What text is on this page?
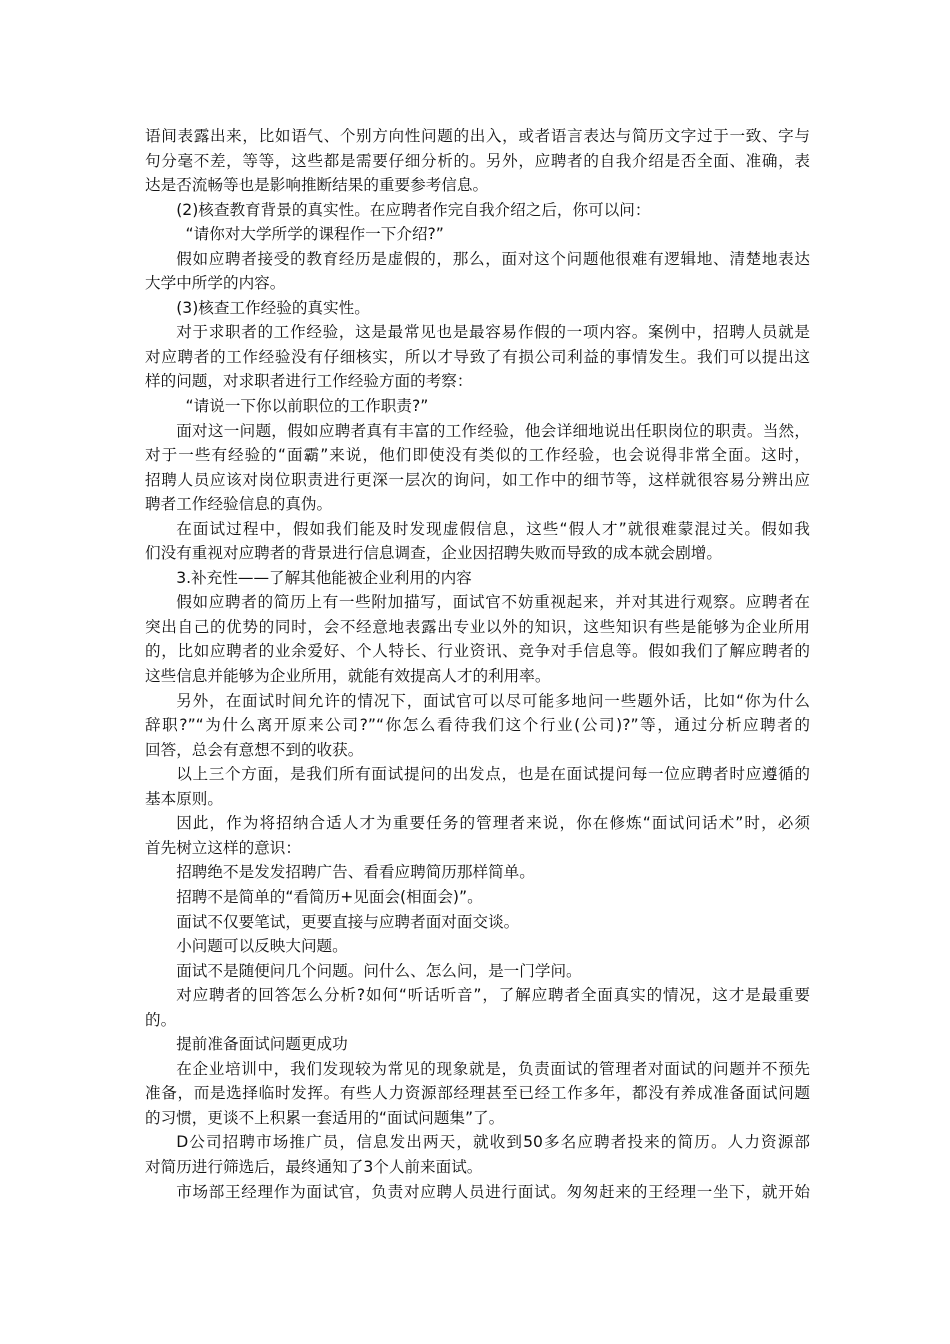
语间表露出来，比如语气、个别方向性问题的出入，或者语言表达与简历文字过于一致、字与
句分毫不差，等等，这些都是需要仔细分析的。另外，应聘者的自我介绍是否全面、准确，表
达是否流畅等也是影响推断结果的重要参考信息。
(2)核查教育背景的真实性。在应聘者作完自我介绍之后，你可以问：
“请你对大学所学的课程作一下介绍?”
假如应聘者接受的教育经历是虚假的，那么，面对这个问题他很难有逻辑地、清楚地表达
大学中所学的内容。
(3)核查工作经验的真实性。
对于求职者的工作经验，这是最常见也是最容易作假的一项内容。案例中，招聘人员就是
对应聘者的工作经验没有仔细核实，所以才导致了有损公司利益的事情发生。我们可以提出这
样的问题，对求职者进行工作经验方面的考察：
“请说一下你以前职位的工作职责?”
面对这一问题，假如应聘者真有丰富的工作经验，他会详细地说出任职岗位的职责。当然，
对于一些有经验的“面霸”来说，他们即使没有类似的工作经验，也会说得非常全面。这时，
招聘人员应该对岗位职责进行更深一层次的询问，如工作中的细节等，这样就很容易分辨出应
聘者工作经验信息的真伪。
在面试过程中，假如我们能及时发现虚假信息，这些“假人才”就很难蒙混过关。假如我
们没有重视对应聘者的背景进行信息调查，企业因招聘失败而导致的成本就会剧增。
3.补充性——了解其他能被企业利用的内容
假如应聘者的简历上有一些附加描写，面试官不妨重视起来，并对其进行观察。应聘者在
突出自己的优势的同时，会不经意地表露出专业以外的知识，这些知识有些是能够为企业所用
的，比如应聘者的业余爱好、个人特长、行业资讯、竞争对手信息等。假如我们了解应聘者的
这些信息并能够为企业所用，就能有效提高人才的利用率。
另外，在面试时间允许的情况下，面试官可以尽可能多地问一些题外话，比如“你为什么
辞职?”“为什么离开原来公司?”“你怎么看待我们这个行业(公司)?”等，通过分析应聘者的
回答，总会有意想不到的收获。
以上三个方面，是我们所有面试提问的出发点，也是在面试提问每一位应聘者时应遵循的
基本原则。
因此，作为将招纳合适人才为重要任务的管理者来说，你在修炼“面试问话术”时，必须
首先树立这样的意识：
招聘绝不是发发招聘广告、看看应聘简历那样简单。
招聘不是简单的“看简历+见面会(相面会)”。
面试不仅要笔试，更要直接与应聘者面对面交谈。
小问题可以反映大问题。
面试不是随便问几个问题。问什么、怎么问，是一门学问。
对应聘者的回答怎么分析?如何“听话听音”，了解应聘者全面真实的情况，这才是最重要
的。
提前准备面试问题更成功
在企业培训中，我们发现较为常见的现象就是，负责面试的管理者对面试的问题并不预先
准备，而是选择临时发挥。有些人力资源部经理甚至已经工作多年，都没有养成准备面试问题
的习惯，更谈不上积累一套适用的“面试问题集”了。
D公司招聘市场推广员，信息发出两天，就收到50多名应聘者投来的简历。人力资源部
对简历进行筛选后，最终通知了3个人前来面试。
市场部王经理作为面试官，负责对应聘人员进行面试。匆匆赶来的王经理一坐下，就开始
